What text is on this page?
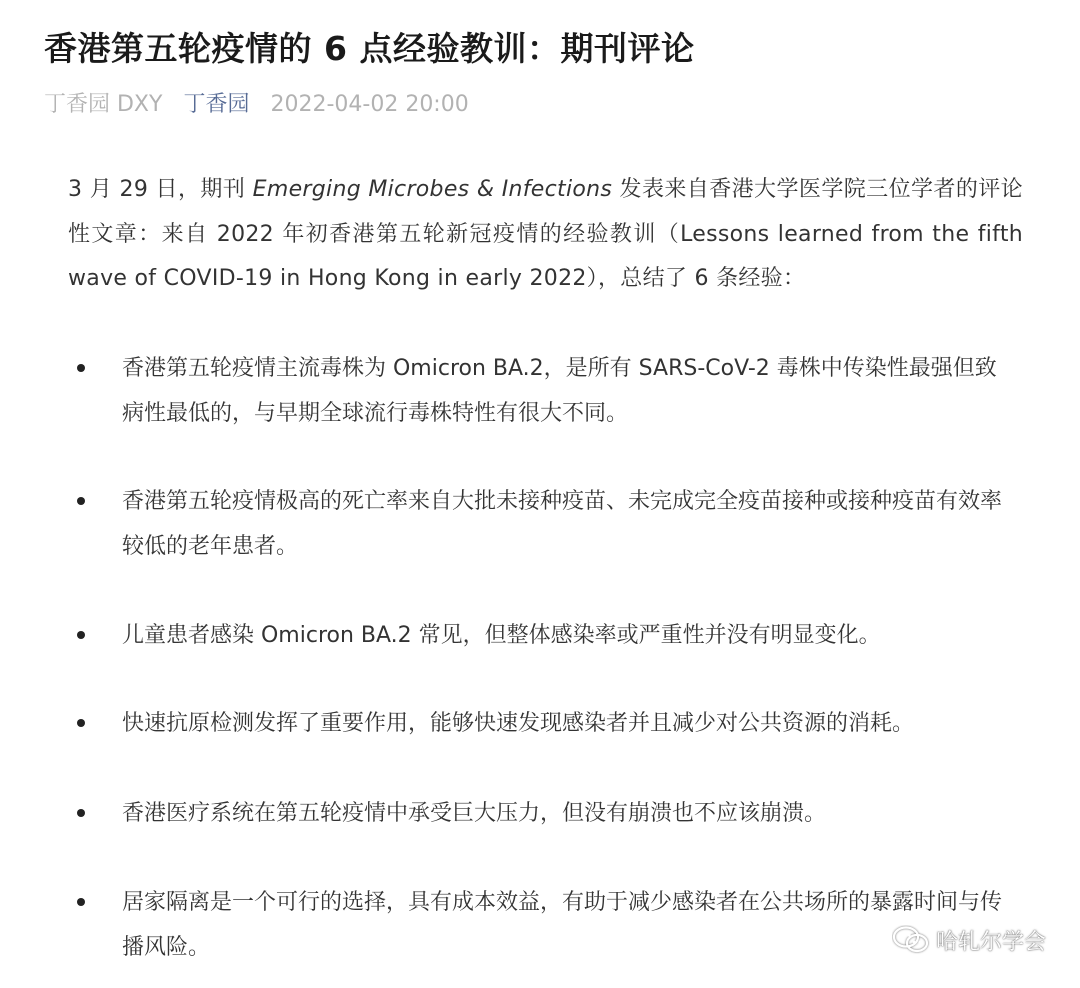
香港第五轮疫情的 6 点经验教训：期刊评论
丁香园 DXY 丁香园 2022-04-02 20:00
3 月 29 日，期刊 Emerging Microbes & Infections 发表来自香港大学医学院三位学者的评论性文章：来自 2022 年初香港第五轮新冠疫情的经验教训（Lessons learned from the fifth wave of COVID-19 in Hong Kong in early 2022），总结了 6 条经验：
香港第五轮疫情主流毒株为 Omicron BA.2，是所有 SARS-CoV-2 毒株中传染性最强但致病性最低的，与早期全球流行毒株特性有很大不同。
香港第五轮疫情极高的死亡率来自大批未接种疫苗、未完成完全疫苗接种或接种疫苗有效率较低的老年患者。
儿童患者感染 Omicron BA.2 常见，但整体感染率或严重性并没有明显变化。
快速抗原检测发挥了重要作用，能够快速发现感染者并且减少对公共资源的消耗。
香港医疗系统在第五轮疫情中承受巨大压力，但没有崩溃也不应该崩溃。
居家隔离是一个可行的选择，具有成本效益，有助于减少感染者在公共场所的暴露时间与传播风险。	哈轧尔学会
